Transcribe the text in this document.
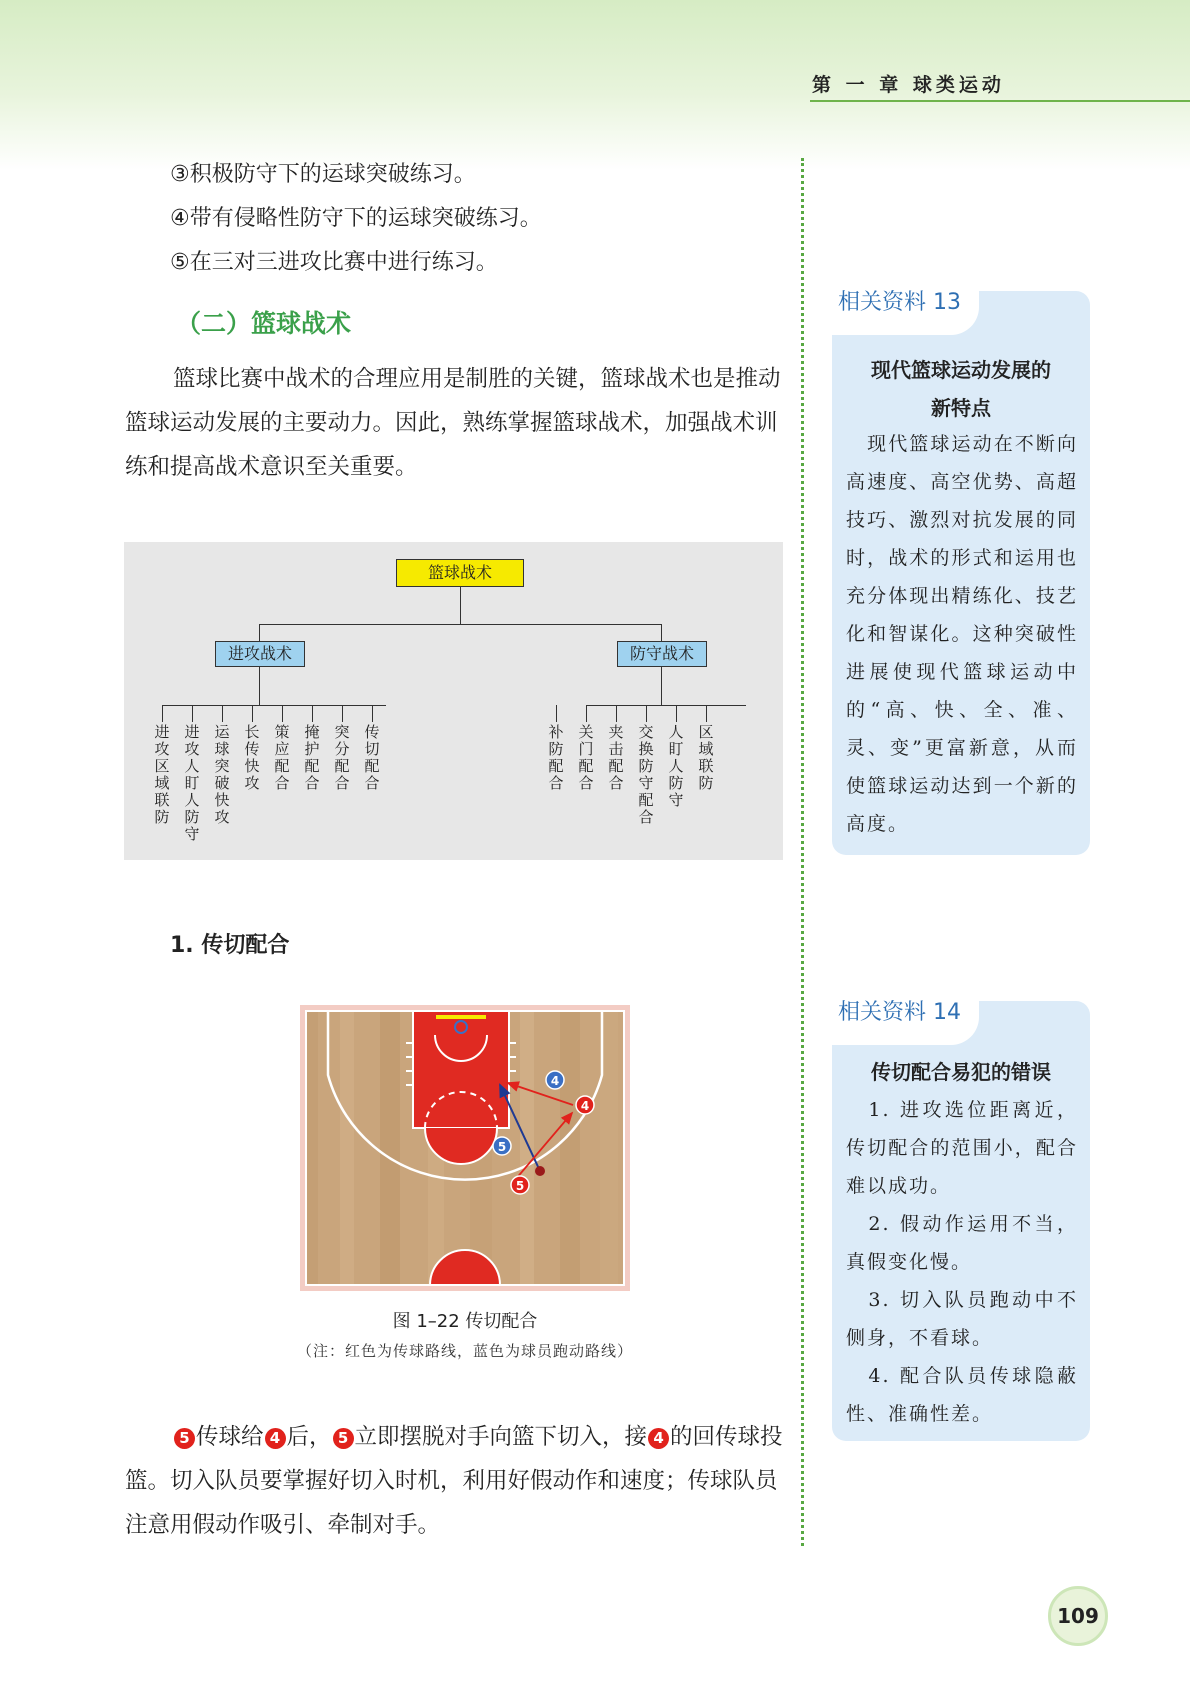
第 一 章 球类运动
③积极防守下的运球突破练习。
④带有侵略性防守下的运球突破练习。
⑤在三对三进攻比赛中进行练习。
（二）篮球战术

篮球比赛中战术的合理应用是制胜的关键，篮球战术也是推动篮球运动发展的主要动力。因此，熟练掌握篮球战术，加强战术训练和提高战术意识至关重要。

篮球战术
进攻战术	防守战术
进
攻
区
域
联
防
进
攻
人
盯
人
防
守
运
球
突
破
快
攻
长
传
快
攻
策
应
配
合
掩
护
配
合
突
分
配
合
传
切
配
合
补
防
配
合
关
门
配
合
夹
击
配
合
交
换
防
守
配
合
人
盯
人
防
守
区
域
联
防
1. 传切配合
4
5
4
5
图 1–22 传切配合
（注：红色为传球路线，蓝色为球员跑动路线）

5 传球给 4 后， 5 立即摆脱对手向篮下切入，接 4 的回传球投篮。切入队员要掌握好切入时机，利用好假动作和速度；传球队员注意用假动作吸引、牵制对手。

相关资料 13
现代篮球运动发展的
新特点
　现代篮球运动在不断向高速度、高空优势、高超技巧、激烈对抗发展的同时，战术的形式和运用也充分体现出精练化、技艺化和智谋化。这种突破性进展使现代篮球运动中的“高、快、全、准、灵、变”更富新意，从而使篮球运动达到一个新的高度。
相关资料 14
传切配合易犯的错误
　1. 进攻选位距离近，传切配合的范围小，配合难以成功。
　2. 假动作运用不当，真假变化慢。
　3. 切入队员跑动中不侧身，不看球。
　4. 配合队员传球隐蔽性、准确性差。
109
